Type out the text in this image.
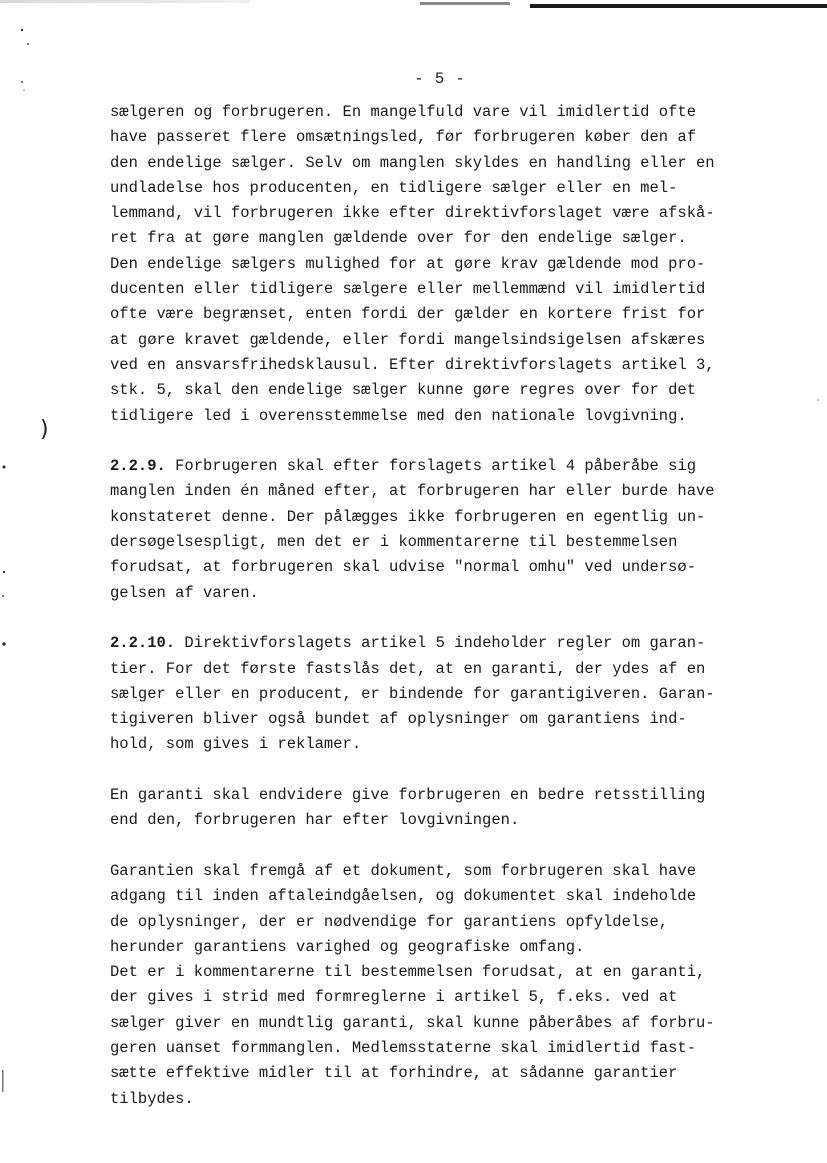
)
- 5 -
sælgeren og forbrugeren. En mangelfuld vare vil imidlertid ofte
have passeret flere omsætningsled, før forbrugeren køber den af
den endelige sælger. Selv om manglen skyldes en handling eller en
undladelse hos producenten, en tidligere sælger eller en mel-
lemmand, vil forbrugeren ikke efter direktivforslaget være afskå-
ret fra at gøre manglen gældende over for den endelige sælger.
Den endelige sælgers mulighed for at gøre krav gældende mod pro-
ducenten eller tidligere sælgere eller mellemmænd vil imidlertid
ofte være begrænset, enten fordi der gælder en kortere frist for
at gøre kravet gældende, eller fordi mangelsindsigelsen afskæres
ved en ansvarsfrihedsklausul. Efter direktivforslagets artikel 3,
stk. 5, skal den endelige sælger kunne gøre regres over for det
tidligere led i overensstemmelse med den nationale lovgivning.
2.2.9. Forbrugeren skal efter forslagets artikel 4 påberåbe sig
manglen inden én måned efter, at forbrugeren har eller burde have
konstateret denne. Der pålægges ikke forbrugeren en egentlig un-
dersøgelsespligt, men det er i kommentarerne til bestemmelsen
forudsat, at forbrugeren skal udvise "normal omhu" ved undersø-
gelsen af varen.
2.2.10. Direktivforslagets artikel 5 indeholder regler om garan-
tier. For det første fastslås det, at en garanti, der ydes af en
sælger eller en producent, er bindende for garantigiveren. Garan-
tigiveren bliver også bundet af oplysninger om garantiens ind-
hold, som gives i reklamer.
En garanti skal endvidere give forbrugeren en bedre retsstilling
end den, forbrugeren har efter lovgivningen.
Garantien skal fremgå af et dokument, som forbrugeren skal have
adgang til inden aftaleindgåelsen, og dokumentet skal indeholde
de oplysninger, der er nødvendige for garantiens opfyldelse,
herunder garantiens varighed og geografiske omfang.
Det er i kommentarerne til bestemmelsen forudsat, at en garanti,
der gives i strid med formreglerne i artikel 5, f.eks. ved at
sælger giver en mundtlig garanti, skal kunne påberåbes af forbru-
geren uanset formmanglen. Medlemsstaterne skal imidlertid fast-
sætte effektive midler til at forhindre, at sådanne garantier
tilbydes.
